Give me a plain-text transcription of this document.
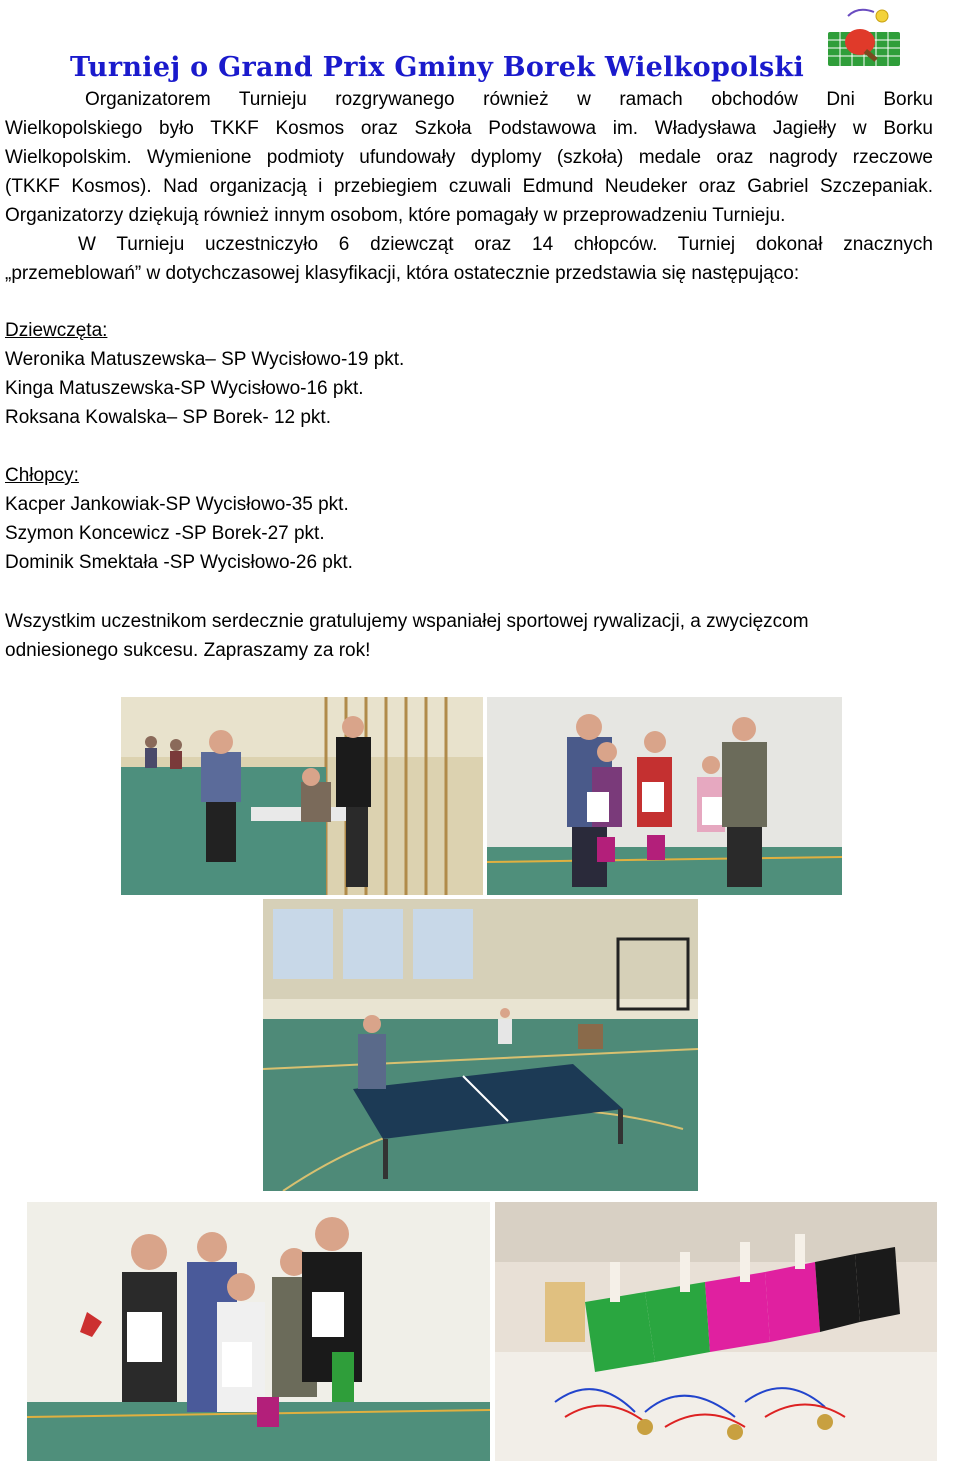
Turniej o Grand Prix Gminy Borek Wielkopolski
Organizatorem Turnieju rozgrywanego również w ramach obchodów Dni Borku
Wielkopolskiego było TKKF Kosmos oraz Szkoła Podstawowa im. Władysława Jagiełły w Borku
Wielkopolskim. Wymienione podmioty ufundowały dyplomy (szkoła) medale oraz nagrody rzeczowe
(TKKF Kosmos). Nad organizacją i przebiegiem czuwali Edmund Neudeker oraz Gabriel Szczepaniak.
Organizatorzy dziękują również innym osobom, które pomagały w przeprowadzeniu Turnieju.
W Turnieju uczestniczyło 6 dziewcząt oraz 14 chłopców. Turniej dokonał znacznych
„przemeblowań” w dotychczasowej klasyfikacji, która ostatecznie przedstawia się następująco:
Dziewczęta:
Weronika Matuszewska– SP Wycisłowo-19 pkt.
Kinga Matuszewska-SP Wycisłowo-16 pkt.
Roksana Kowalska– SP Borek- 12 pkt.
Chłopcy:
Kacper Jankowiak-SP Wycisłowo-35 pkt.
Szymon Koncewicz -SP Borek-27 pkt.
Dominik Smektała -SP Wycisłowo-26 pkt.
Wszystkim uczestnikom serdecznie gratulujemy wspaniałej sportowej rywalizacji, a zwycięzcom
odniesionego sukcesu. Zapraszamy za rok!
